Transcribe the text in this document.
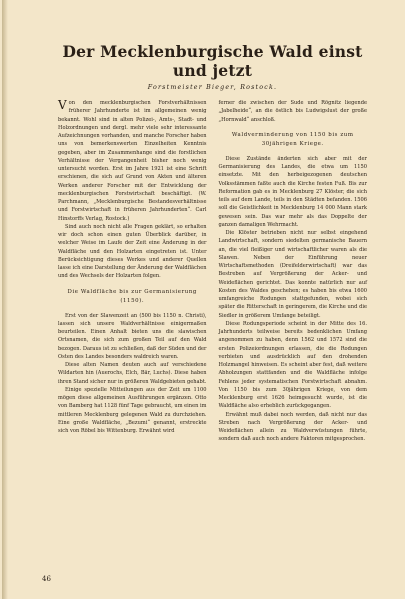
Der Mecklenburgische Wald einst und jetzt
Forstmeister Bieger, Rostock.

Von den mecklenburgischen Forstverhältnissen früherer Jahrhunderte ist im allgemeinen wenig bekannt. Wohl sind in alten Polizei-, Amts-, Stadt- und Holzordnungen und dergl. mehr viele sehr interessante Aufzeichnungen vorhanden, und manche Forscher haben uns von bemerkenswerten Einzelheiten Kenntnis gegeben, aber im Zusammenhange sind die forstlichen Verhältnisse der Vergangenheit bisher noch wenig untersucht worden. Erst im Jahre 1921 ist eine Schrift erschienen, die sich auf Grund von Akten und älteren Werken anderer Forscher mit der Entwicklung der mecklenburgischen Forstwirtschaft beschäftigt. (W. Parchmann, „Mecklenburgische Bestandesverhältnisse und Forstwirtschaft in früheren Jahrhunderten“. Carl Hinstorffs Verlag, Rostock.)

Sind auch noch nicht alle Fragen geklärt, so erhalten wir doch schon einen guten Überblick darüber, in welcher Weise im Laufe der Zeit eine Änderung in der Waldfläche und den Holzarten eingetreten ist. Unter Berücksichtigung dieses Werkes und anderer Quellen lasse ich eine Darstellung der Änderung der Waldflächen und des Wechsels der Holzarten folgen.

Die Waldfläche bis zur Germanisierung (1150).

Erst von der Slawenzeit an (500 bis 1150 n. Christi), lassen sich unsere Waldverhältnisse einigermaßen beurteilen. Einen Anhalt bieten uns die slawischen Ortsnamen, die sich zum großen Teil auf den Wald bezogen. Daraus ist zu schließen, daß der Süden und der Osten des Landes besonders waldreich waren.

Diese alten Namen deuten auch auf verschiedene Wildarten hin (Auerochs, Elch, Bär, Luchs). Diese haben ihren Stand sicher nur in größeren Waldgebieten gehabt.

Einige spezielle Mitteilungen aus der Zeit um 1100 mögen diese allgemeinen Ausführungen ergänzen. Otto von Bamberg hat 1128 fünf Tage gebraucht, um einen im mittleren Mecklenburg gelegenen Wald zu durchziehen. Eine große Waldfläche, „Bezumi“ genannt, erstreckte sich von Röbel bis Wittenburg. Erwähnt wird

ferner die zwischen der Sude und Rögnitz liegende „Jabelheide“, an die östlich bis Ludwigslust der große „Hornwald“ anschloß.

Waldverminderung von 1150 bis zum 30jährigen Kriege.

Diese Zustände änderten sich aber mit der Germanisierung des Landes, die etwa um 1150 einsetzte. Mit den herbeigezogenen deutschen Volksstämmen faßte auch die Kirche festen Fuß. Bis zur Reformation gab es in Mecklenburg 27 Klöster, die sich teils auf dem Lande, teils in den Städten befanden. 1506 soll die Geistlichkeit in Mecklenburg 14 000 Mann stark gewesen sein. Das war mehr als das Doppelte der ganzen damaligen Wehrmacht.

Die Klöster betrieben nicht nur selbst eingehend Landwirtschaft, sondern siedelten germanische Bauern an, die viel fleißiger und wirtschaftlicher waren als die Slawen. Neben der Einführung neuer Wirtschaftsmethoden (Dreifelderwirtschaft) war das Bestreben auf Vergrößerung der Acker- und Weideflächen gerichtet. Das konnte natürlich nur auf Kosten des Waldes geschehen; es haben bis etwa 1600 umfangreiche Rodungen stattgefunden, wobei sich später die Ritterschaft in geringerem, die Kirche und die Siedler in größerem Umfange beteiligt.

Diese Rodungsperiode scheint in der Mitte des 16. Jahrhunderts teilweise bereits bedenklichen Umfang angenommen zu haben, denn 1562 und 1572 sind die ersten Polizeiordnungen erlassen, die die Rodungen verbieten und ausdrücklich auf den drohenden Holzmangel hinweisen. Es scheint aber fest, daß weitere Abholzungen stattfanden und die Waldfläche infolge Fehlens jeder systematischen Forstwirtschaft abnahm. Von 1150 bis zum 30jährigen Kriege, von dem Mecklenburg erst 1626 heimgesucht wurde, ist die Waldfläche also erheblich zurückgegangen.

Erwähnt muß dabei noch werden, daß nicht nur das Streben nach Vergrößerung der Acker- und Weideflächen allein zu Waldverwüstungen führte, sondern daß auch noch andere Faktoren mitgesprochen.

46
